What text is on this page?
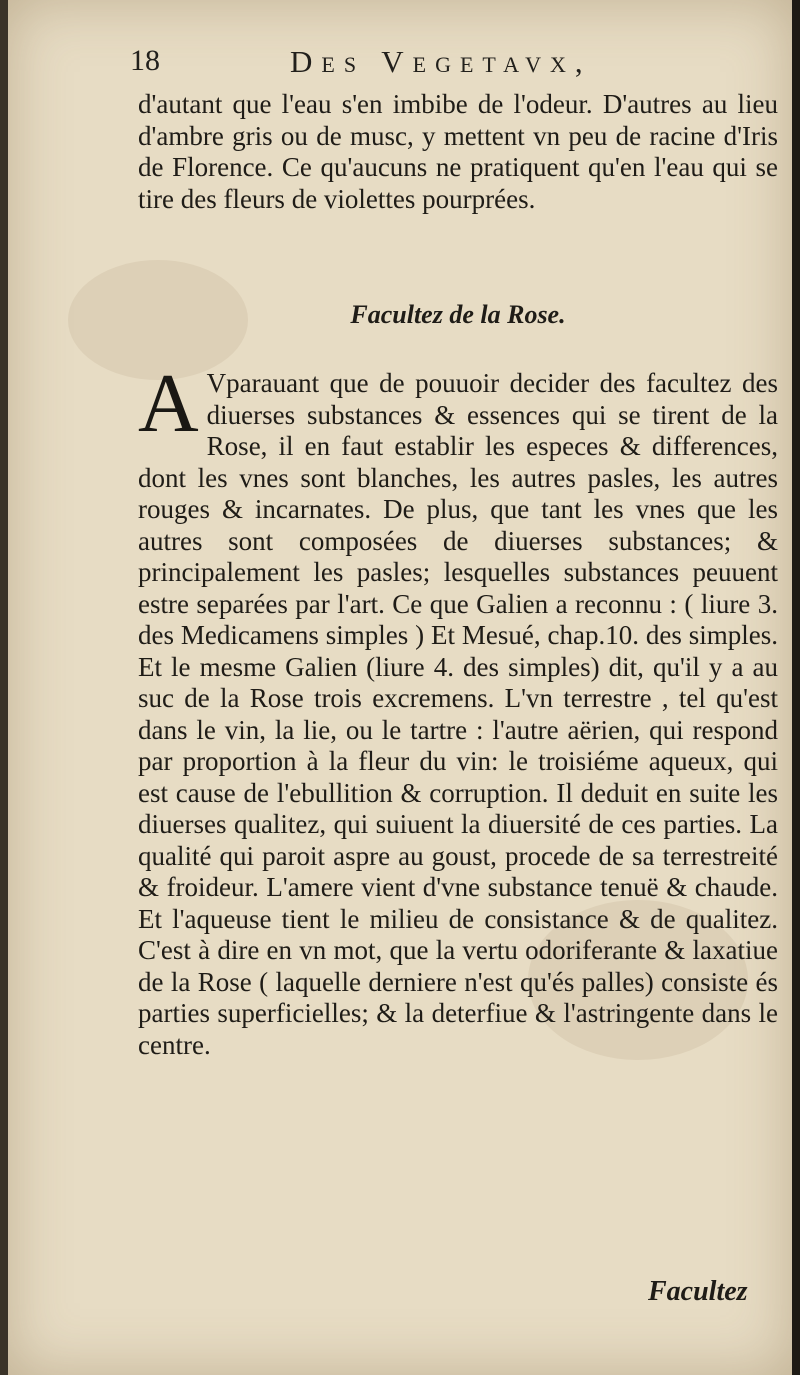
18	Des Vegetavx,
d'autant que l'eau s'en imbibe de l'odeur. D'autres au lieu d'ambre gris ou de musc, y mettent vn peu de racine d'Iris de Florence. Ce qu'aucuns ne pratiquent qu'en l'eau qui se tire des fleurs de violettes pourprées.
Facultez de la Rose.
A Vparauant que de pouuoir decider des facultez des diuerses substances & essences qui se tirent de la Rose, il en faut establir les especes & differences, dont les vnes sont blanches, les autres pasles, les autres rouges & incarnates. De plus, que tant les vnes que les autres sont composées de diuerses substances; & principalement les pasles; lesquelles substances peuuent estre separées par l'art. Ce que Galien a reconnu : ( liure 3. des Medicamens simples ) Et Mesué, chap.10. des simples. Et le mesme Galien (liure 4. des simples) dit, qu'il y a au suc de la Rose trois excremens. L'vn terrestre , tel qu'est dans le vin, la lie, ou le tartre : l'autre aërien, qui respond par proportion à la fleur du vin: le troisiéme aqueux, qui est cause de l'ebullition & corruption. Il deduit en suite les diuerses qualitez, qui suiuent la diuersité de ces parties. La qualité qui paroit aspre au goust, procede de sa terrestreité & froideur. L'amere vient d'vne substance tenuë & chaude. Et l'aqueuse tient le milieu de consistance & de qualitez. C'est à dire en vn mot, que la vertu odoriferante & laxatiue de la Rose ( laquelle derniere n'est qu'és palles) consiste és parties superficielles; & la deterfiue & l'astringente dans le centre.
Facultez
